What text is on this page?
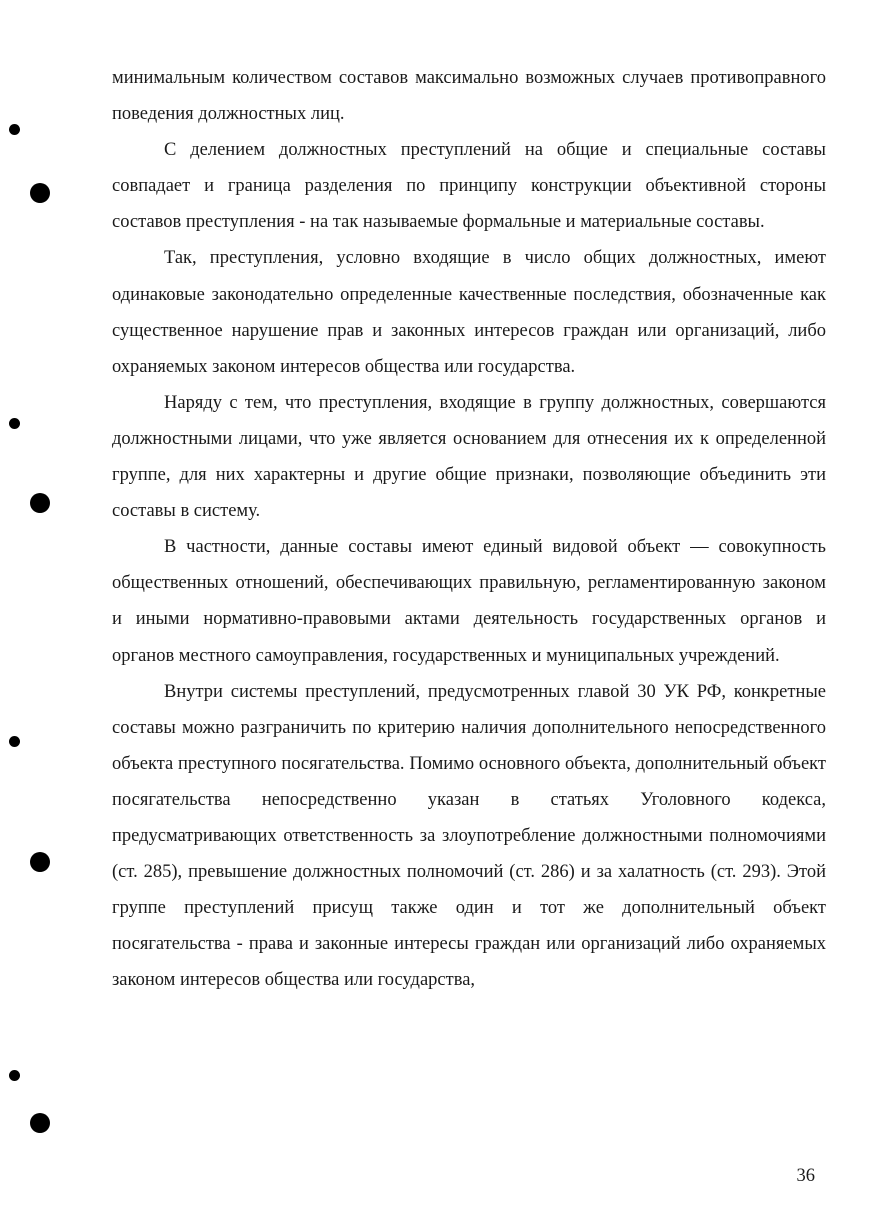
минимальным количеством составов максимально возможных случаев противоправного поведения должностных лиц.

С делением должностных преступлений на общие и специальные составы совпадает и граница разделения по принципу конструкции объективной стороны составов преступления - на так называемые формальные и материальные составы.

Так, преступления, условно входящие в число общих должностных, имеют одинаковые законодательно определенные качественные последствия, обозначенные как существенное нарушение прав и законных интересов граждан или организаций, либо охраняемых законом интересов общества или государства.

Наряду с тем, что преступления, входящие в группу должностных, совершаются должностными лицами, что уже является основанием для отнесения их к определенной группе, для них характерны и другие общие признаки, позволяющие объединить эти составы в систему.

В частности, данные составы имеют единый видовой объект — совокупность общественных отношений, обеспечивающих правильную, регламентированную законом и иными нормативно-правовыми актами деятельность государственных органов и органов местного самоуправления, государственных и муниципальных учреждений.

Внутри системы преступлений, предусмотренных главой 30 УК РФ, конкретные составы можно разграничить по критерию наличия дополнительного непосредственного объекта преступного посягательства. Помимо основного объекта, дополнительный объект посягательства непосредственно указан в статьях Уголовного кодекса, предусматривающих ответственность за злоупотребление должностными полномочиями (ст. 285), превышение должностных полномочий (ст. 286) и за халатность (ст. 293). Этой группе преступлений присущ также один и тот же дополнительный объект посягательства - права и законные интересы граждан или организаций либо охраняемых законом интересов общества или государства,

36
